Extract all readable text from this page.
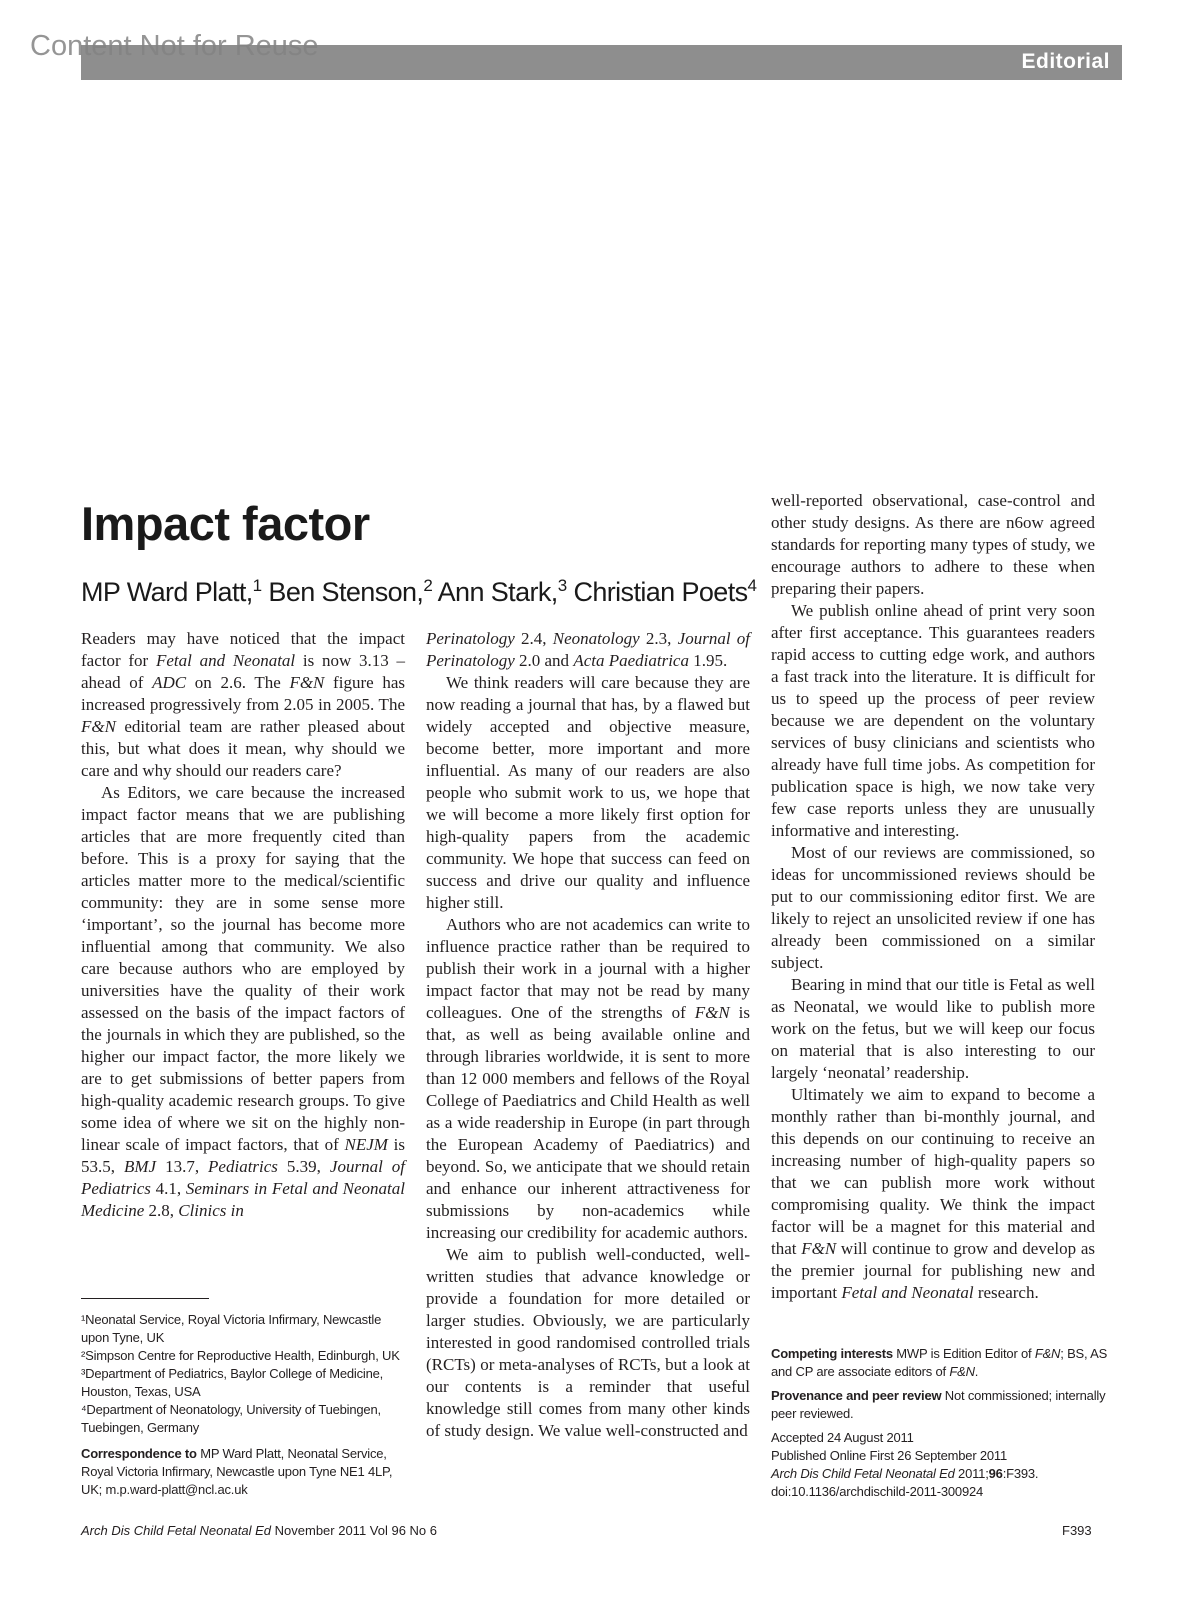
Content Not for Reuse	Editorial
Impact factor
MP Ward Platt,$^1$ Ben Stenson,$^2$ Ann Stark,$^3$ Christian Poets$^4$

Readers may have noticed that the impact factor for Fetal and Neonatal is now 3.13 – ahead of ADC on 2.6. The F&N figure has increased progressively from 2.05 in 2005. The F&N editorial team are rather pleased about this, but what does it mean, why should we care and why should our readers care?

As Editors, we care because the increased impact factor means that we are publishing articles that are more frequently cited than before. This is a proxy for saying that the articles matter more to the medical/scientific community: they are in some sense more ‘important’, so the journal has become more influential among that community. We also care because authors who are employed by universities have the quality of their work assessed on the basis of the impact factors of the journals in which they are published, so the higher our impact factor, the more likely we are to get submissions of better papers from high-quality academic research groups. To give some idea of where we sit on the highly non-linear scale of impact factors, that of NEJM is 53.5, BMJ 13.7, Pediatrics 5.39, Journal of Pediatrics 4.1, Seminars in Fetal and Neonatal Medicine 2.8, Clinics in

Perinatology 2.4, Neonatology 2.3, Journal of Perinatology 2.0 and Acta Paediatrica 1.95.

We think readers will care because they are now reading a journal that has, by a flawed but widely accepted and objective measure, become better, more important and more influential. As many of our readers are also people who submit work to us, we hope that we will become a more likely first option for high-quality papers from the academic community. We hope that success can feed on success and drive our quality and influence higher still.

Authors who are not academics can write to influence practice rather than be required to publish their work in a journal with a higher impact factor that may not be read by many colleagues. One of the strengths of F&N is that, as well as being available online and through libraries worldwide, it is sent to more than 12 000 members and fellows of the Royal College of Paediatrics and Child Health as well as a wide readership in Europe (in part through the European Academy of Paediatrics) and beyond. So, we anticipate that we should retain and enhance our inherent attractiveness for submissions by non-academics while increasing our credibility for academic authors.

We aim to publish well-conducted, well-written studies that advance knowledge or provide a foundation for more detailed or larger studies. Obviously, we are particularly interested in good randomised controlled trials (RCTs) or meta-analyses of RCTs, but a look at our contents is a reminder that useful knowledge still comes from many other kinds of study design. We value well-constructed and

well-reported observational, case-control and other study designs. As there are n6ow agreed standards for reporting many types of study, we encourage authors to adhere to these when preparing their papers.

We publish online ahead of print very soon after first acceptance. This guarantees readers rapid access to cutting edge work, and authors a fast track into the literature. It is difficult for us to speed up the process of peer review because we are dependent on the voluntary services of busy clinicians and scientists who already have full time jobs. As competition for publication space is high, we now take very few case reports unless they are unusually informative and interesting.

Most of our reviews are commissioned, so ideas for uncommissioned reviews should be put to our commissioning editor first. We are likely to reject an unsolicited review if one has already been commissioned on a similar subject.

Bearing in mind that our title is Fetal as well as Neonatal, we would like to publish more work on the fetus, but we will keep our focus on material that is also interesting to our largely ‘neonatal’ readership.

Ultimately we aim to expand to become a monthly rather than bi-monthly journal, and this depends on our continuing to receive an increasing number of high-quality papers so that we can publish more work without compromising quality. We think the impact factor will be a magnet for this material and that F&N will continue to grow and develop as the premier journal for publishing new and important Fetal and Neonatal research.

¹Neonatal Service, Royal Victoria Infirmary, Newcastle upon Tyne, UK

²Simpson Centre for Reproductive Health, Edinburgh, UK

³Department of Pediatrics, Baylor College of Medicine, Houston, Texas, USA

⁴Department of Neonatology, University of Tuebingen, Tuebingen, Germany

Correspondence to MP Ward Platt, Neonatal Service, Royal Victoria Infirmary, Newcastle upon Tyne NE1 4LP, UK; m.p.ward-platt@ncl.ac.uk

Competing interests MWP is Edition Editor of F&N; BS, AS and CP are associate editors of F&N.

Provenance and peer review Not commissioned; internally peer reviewed.

Accepted 24 August 2011

Published Online First 26 September 2011

Arch Dis Child Fetal Neonatal Ed 2011;96:F393.

doi:10.1136/archdischild-2011-300924

Arch Dis Child Fetal Neonatal Ed November 2011 Vol 96 No 6	F393
